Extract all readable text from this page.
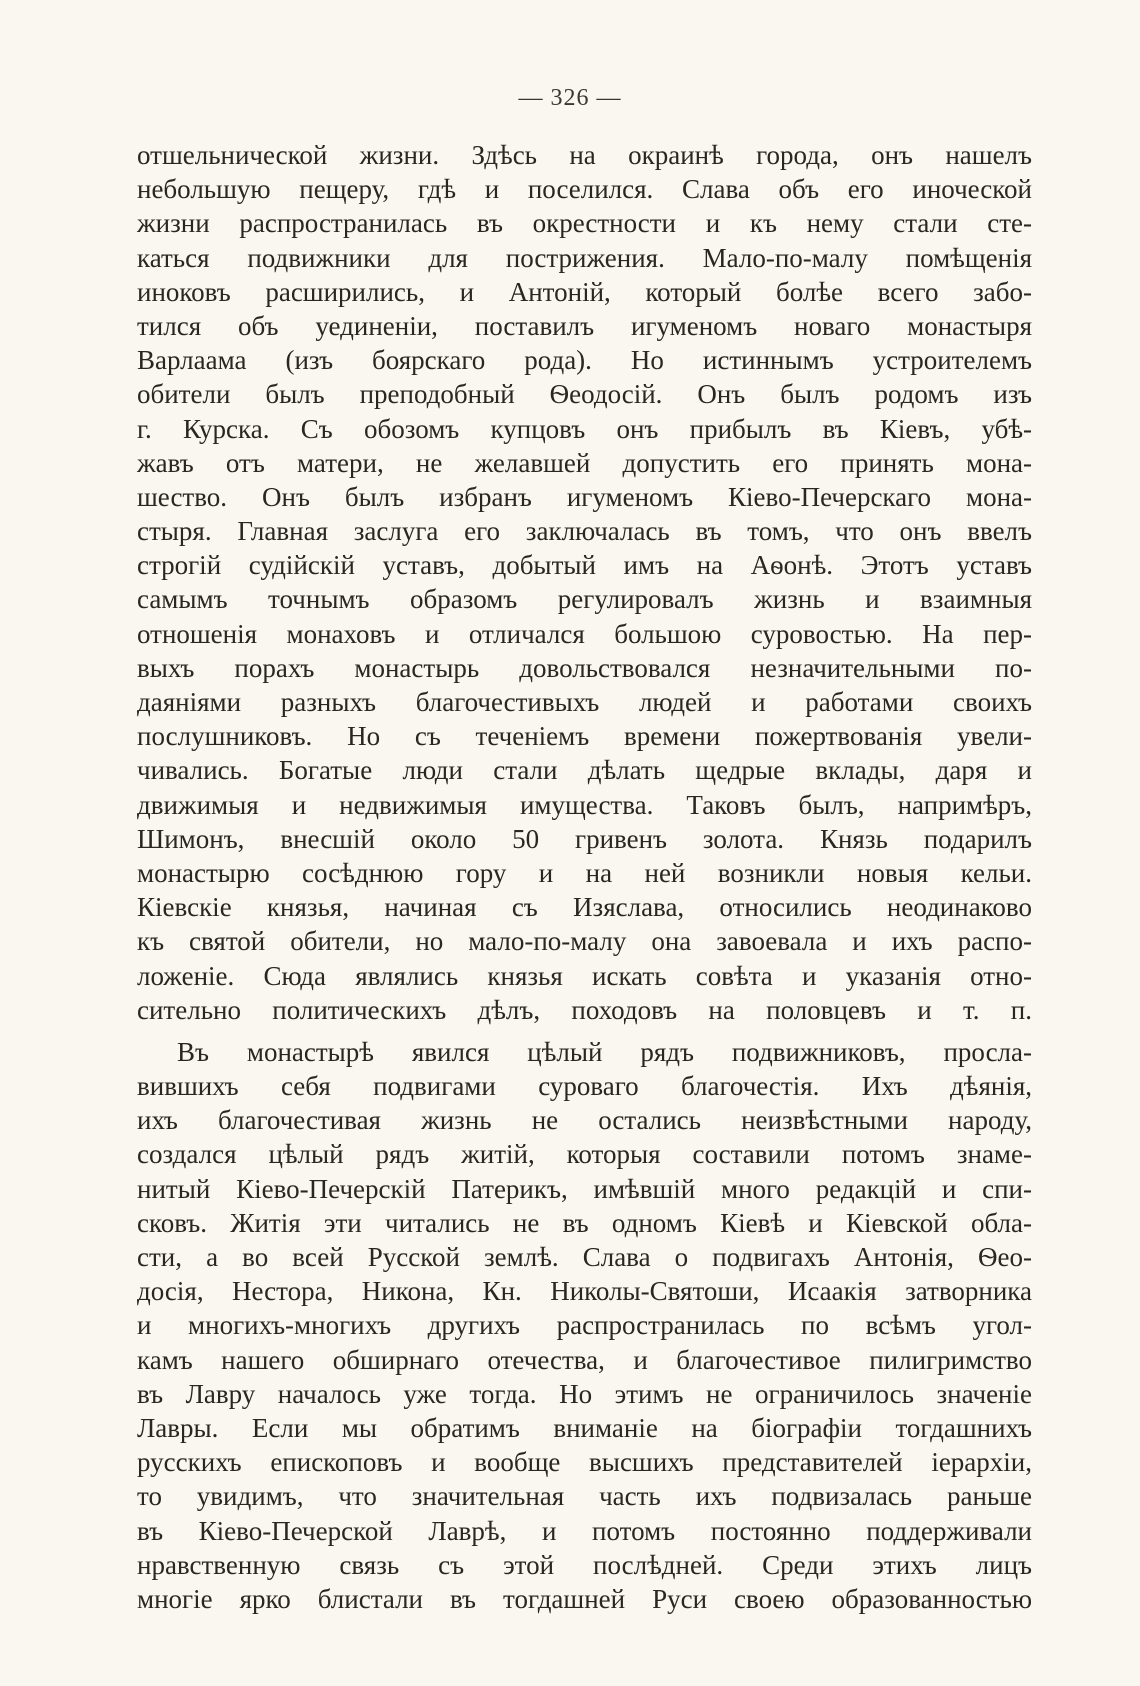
— 326 —
отшельнической жизни. Здѣсь на окраинѣ города, онъ нашелъ
небольшую пещеру, гдѣ и поселился. Слава объ его иноческой
жизни распространилась въ окрестности и къ нему стали сте-
каться подвижники для пострижения. Мало-по-малу помѣщенія
иноковъ расширились, и Антоній, который болѣе всего забо-
тился объ уединеніи, поставилъ игуменомъ новаго монастыря
Варлаама (изъ боярскаго рода). Но истиннымъ устроителемъ
обители былъ преподобный Ѳеодосій. Онъ былъ родомъ изъ
г. Курска. Съ обозомъ купцовъ онъ прибылъ въ Кіевъ, убѣ-
жавъ отъ матери, не желавшей допустить его принять мона-
шество. Онъ былъ избранъ игуменомъ Кіево-Печерскаго мона-
стыря. Главная заслуга его заключалась въ томъ, что онъ ввелъ
строгій судійскій уставъ, добытый имъ на Аѳонѣ. Этотъ уставъ
самымъ точнымъ образомъ регулировалъ жизнь и взаимныя
отношенія монаховъ и отличался большою суровостью. На пер-
выхъ порахъ монастырь довольствовался незначительными по-
даяніями разныхъ благочестивыхъ людей и работами своихъ
послушниковъ. Но съ теченіемъ времени пожертвованія увели-
чивались. Богатые люди стали дѣлать щедрые вклады, даря и
движимыя и недвижимыя имущества. Таковъ былъ, напримѣръ,
Шимонъ, внесшій около 50 гривенъ золота. Князь подарилъ
монастырю сосѣднюю гору и на ней возникли новыя кельи.
Кіевскіе князья, начиная съ Изяслава, относились неодинаково
къ святой обители, но мало-по-малу она завоевала и ихъ распо-
ложеніе. Сюда являлись князья искать совѣта и указанія отно-
сительно политическихъ дѣлъ, походовъ на половцевъ и т. п.
Въ монастырѣ явился цѣлый рядъ подвижниковъ, просла-
вившихъ себя подвигами суроваго благочестія. Ихъ дѣянія,
ихъ благочестивая жизнь не остались неизвѣстными народу,
создался цѣлый рядъ житій, которыя составили потомъ знаме-
нитый Кіево-Печерскій Патерикъ, имѣвшій много редакцій и спи-
сковъ. Житія эти читались не въ одномъ Кіевѣ и Кіевской обла-
сти, а во всей Русской землѣ. Слава о подвигахъ Антонія, Ѳео-
досія, Нестора, Никона, Кн. Николы-Святоши, Исаакія затворника
и многихъ-многихъ другихъ распространилась по всѣмъ угол-
камъ нашего обширнаго отечества, и благочестивое пилигримство
въ Лавру началось уже тогда. Но этимъ не ограничилось значеніе
Лавры. Если мы обратимъ вниманіе на біографіи тогдашнихъ
русскихъ епископовъ и вообще высшихъ представителей іерархіи,
то увидимъ, что значительная часть ихъ подвизалась раньше
въ Кіево-Печерской Лаврѣ, и потомъ постоянно поддерживали
нравственную связь съ этой послѣдней. Среди этихъ лицъ
многіе ярко блистали въ тогдашней Руси своею образованностью
